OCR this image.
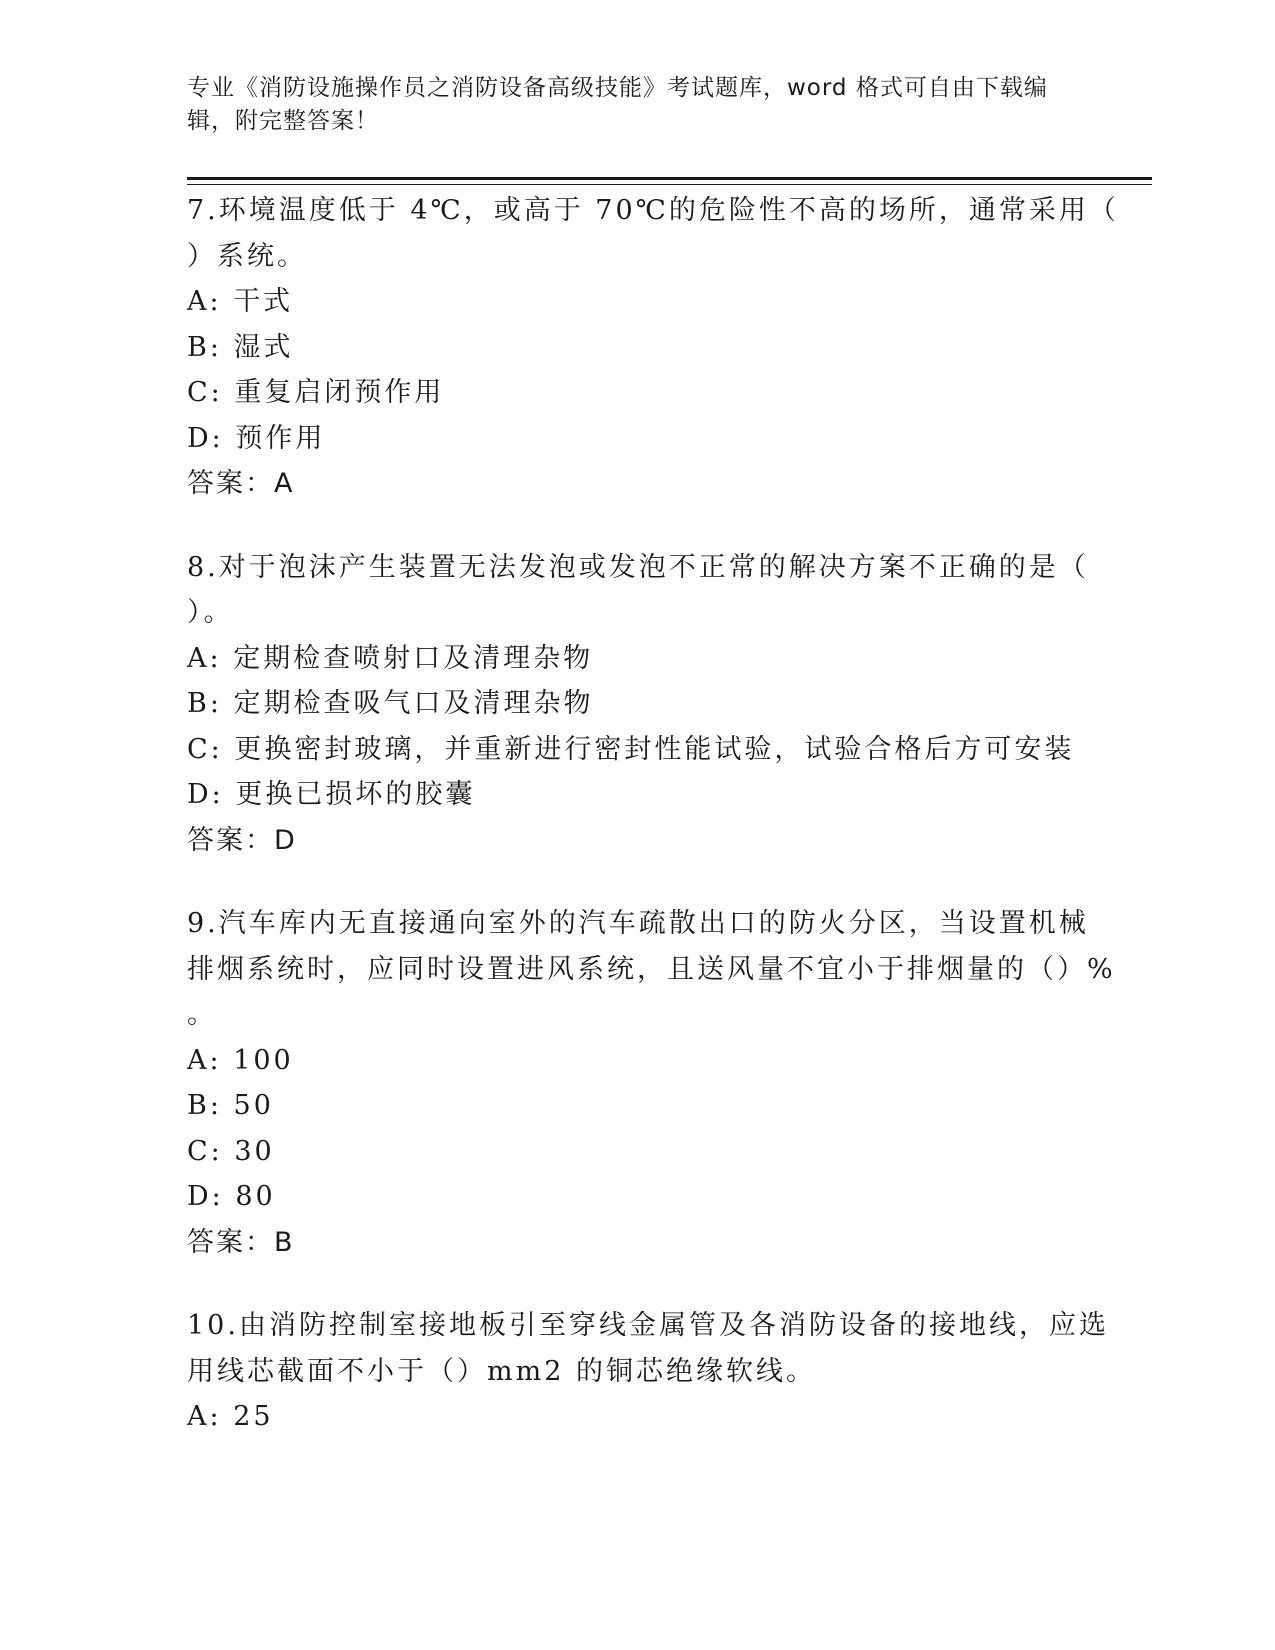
专业《消防设施操作员之消防设备高级技能》考试题库，word 格式可自由下载编
辑，附完整答案！
7.环境温度低于 4℃，或高于 70℃的危险性不高的场所，通常采用（
）系统。
A: 干式
B: 湿式
C: 重复启闭预作用
D: 预作用
答案：A
8.对于泡沫产生装置无法发泡或发泡不正常的解决方案不正确的是（
）。
A: 定期检查喷射口及清理杂物
B: 定期检查吸气口及清理杂物
C: 更换密封玻璃，并重新进行密封性能试验，试验合格后方可安装
D: 更换已损坏的胶囊
答案：D
9.汽车库内无直接通向室外的汽车疏散出口的防火分区，当设置机械
排烟系统时，应同时设置进风系统，且送风量不宜小于排烟量的（）%
。
A: 100
B: 50
C: 30
D: 80
答案：B
10.由消防控制室接地板引至穿线金属管及各消防设备的接地线，应选
用线芯截面不小于（）mm2 的铜芯绝缘软线。
A: 25
